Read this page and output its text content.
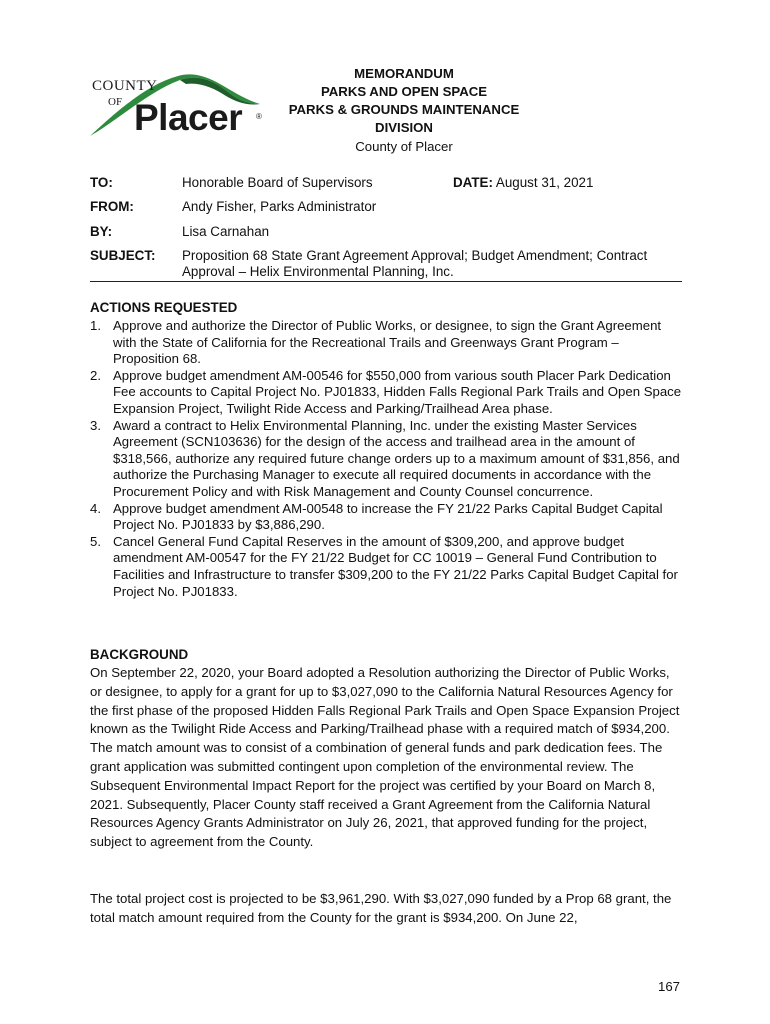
COUNTY
OF Placer ®
MEMORANDUM
PARKS AND OPEN SPACE
PARKS & GROUNDS MAINTENANCE
DIVISION
County of Placer
TO:	Honorable Board of Supervisors	DATE: August 31, 2021
FROM:	Andy Fisher, Parks Administrator
BY:	Lisa Carnahan
SUBJECT: Proposition 68 State Grant Agreement Approval; Budget Amendment; Contract
Approval – Helix Environmental Planning, Inc.
ACTIONS REQUESTED
1. Approve and authorize the Director of Public Works, or designee, to sign the Grant Agreement with the State of California for the Recreational Trails and Greenways Grant Program – Proposition 68.
2. Approve budget amendment AM-00546 for $550,000 from various south Placer Park Dedication Fee accounts to Capital Project No. PJ01833, Hidden Falls Regional Park Trails and Open Space Expansion Project, Twilight Ride Access and Parking/Trailhead Area phase.
3. Award a contract to Helix Environmental Planning, Inc. under the existing Master Services Agreement (SCN103636) for the design of the access and trailhead area in the amount of $318,566, authorize any required future change orders up to a maximum amount of $31,856, and authorize the Purchasing Manager to execute all required documents in accordance with the Procurement Policy and with Risk Management and County Counsel concurrence.
4. Approve budget amendment AM-00548 to increase the FY 21/22 Parks Capital Budget Capital Project No. PJ01833 by $3,886,290.
5. Cancel General Fund Capital Reserves in the amount of $309,200, and approve budget amendment AM-00547 for the FY 21/22 Budget for CC 10019 – General Fund Contribution to Facilities and Infrastructure to transfer $309,200 to the FY 21/22 Parks Capital Budget Capital for Project No. PJ01833.
BACKGROUND

On September 22, 2020, your Board adopted a Resolution authorizing the Director of Public Works, or designee, to apply for a grant for up to $3,027,090 to the California Natural Resources Agency for the first phase of the proposed Hidden Falls Regional Park Trails and Open Space Expansion Project known as the Twilight Ride Access and Parking/Trailhead phase with a required match of $934,200. The match amount was to consist of a combination of general funds and park dedication fees. The grant application was submitted contingent upon completion of the environmental review. The Subsequent Environmental Impact Report for the project was certified by your Board on March 8, 2021. Subsequently, Placer County staff received a Grant Agreement from the California Natural Resources Agency Grants Administrator on July 26, 2021, that approved funding for the project, subject to agreement from the County.

The total project cost is projected to be $3,961,290. With $3,027,090 funded by a Prop 68 grant, the total match amount required from the County for the grant is $934,200. On June 22,

167
